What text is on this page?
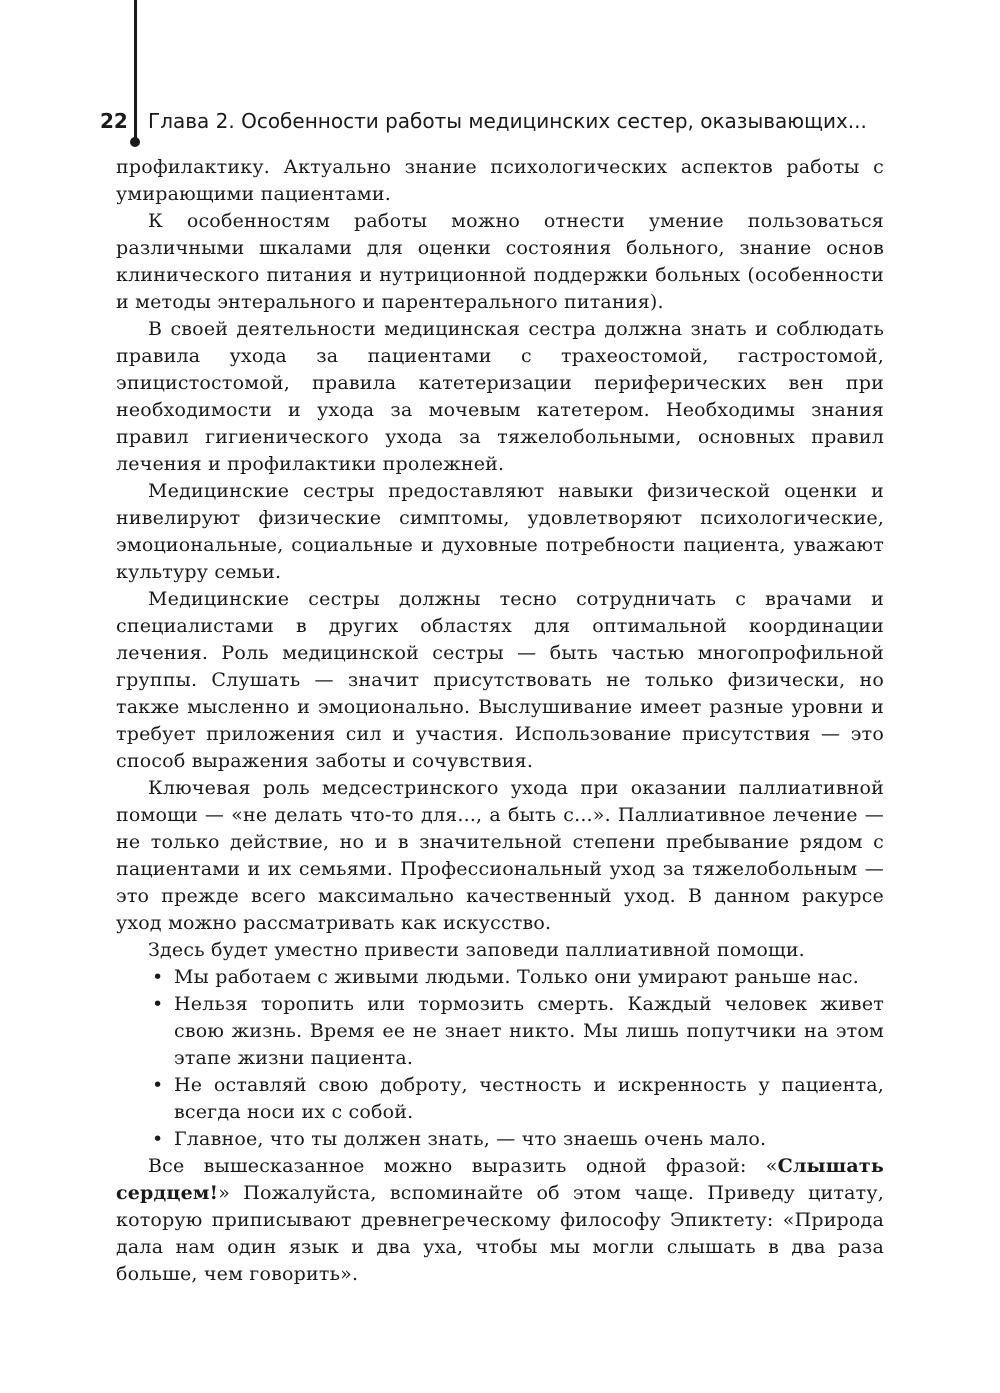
22 Глава 2. Особенности работы медицинских сестер, оказывающих...

профилактику. Актуально знание психологических аспектов работы с умирающими пациентами.

К особенностям работы можно отнести умение пользоваться различными шкалами для оценки состояния больного, знание основ клинического питания и нутриционной поддержки больных (особенности и методы энтерального и парентерального питания).

В своей деятельности медицинская сестра должна знать и соблюдать правила ухода за пациентами с трахеостомой, гастростомой, эпицистостомой, правила катетеризации периферических вен при необходимости и ухода за мочевым катетером. Необходимы знания правил гигиенического ухода за тяжелобольными, основных правил лечения и профилактики пролежней.

Медицинские сестры предоставляют навыки физической оценки и нивелируют физические симптомы, удовлетворяют психологические, эмоциональные, социальные и духовные потребности пациента, уважают культуру семьи.

Медицинские сестры должны тесно сотрудничать с врачами и специалистами в других областях для оптимальной координации лечения. Роль медицинской сестры — быть частью многопрофильной группы. Слушать — значит присутствовать не только физически, но также мысленно и эмоционально. Выслушивание имеет разные уровни и требует приложения сил и участия. Использование присутствия — это способ выражения заботы и сочувствия.

Ключевая роль медсестринского ухода при оказании паллиативной помощи — «не делать что-то для..., а быть с...». Паллиативное лечение — не только действие, но и в значительной степени пребывание рядом с пациентами и их семьями. Профессиональный уход за тяжелобольным — это прежде всего максимально качественный уход. В данном ракурсе уход можно рассматривать как искусство.

Здесь будет уместно привести заповеди паллиативной помощи.

• Мы работаем с живыми людьми. Только они умирают раньше нас.
• Нельзя торопить или тормозить смерть. Каждый человек живет свою жизнь. Время ее не знает никто. Мы лишь попутчики на этом этапе жизни пациента.
• Не оставляй свою доброту, честность и искренность у пациента, всегда носи их с собой.
• Главное, что ты должен знать, — что знаешь очень мало.

Все вышесказанное можно выразить одной фразой: «Слышать сердцем!» Пожалуйста, вспоминайте об этом чаще. Приведу цитату, которую приписывают древнегреческому философу Эпиктету: «Природа дала нам один язык и два уха, чтобы мы могли слышать в два раза больше, чем говорить».
